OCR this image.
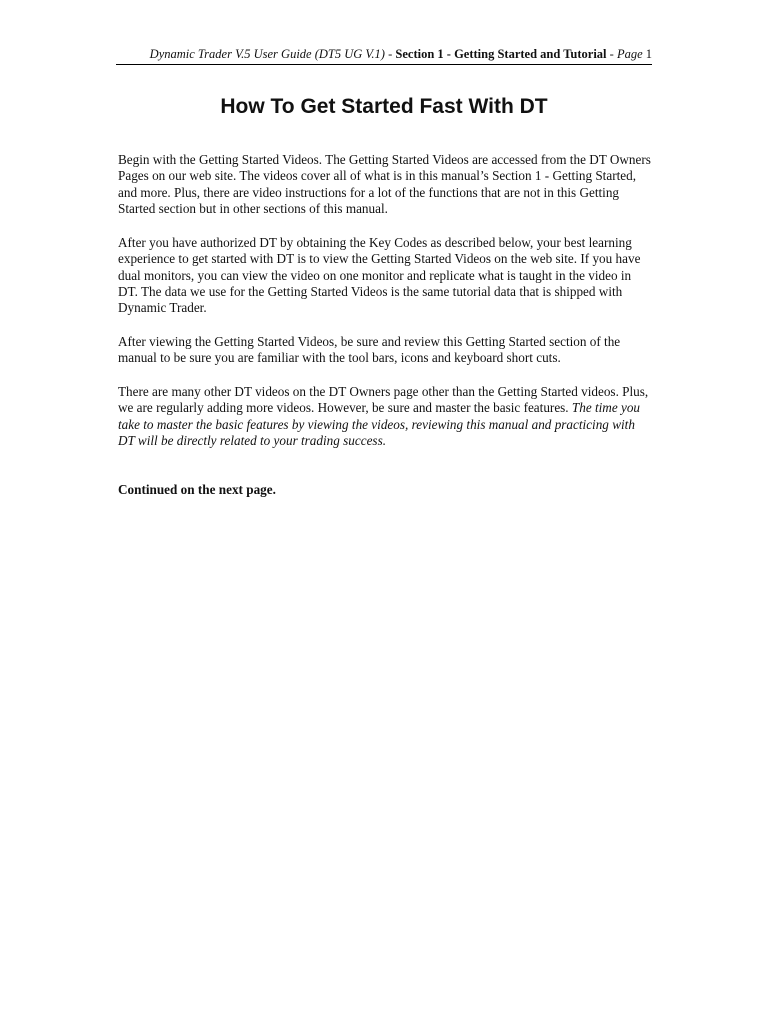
Dynamic Trader V.5 User Guide (DT5 UG V.1) - Section 1 - Getting Started and Tutorial - Page 1
How To Get Started Fast With DT

Begin with the Getting Started Videos. The Getting Started Videos are accessed from the DT Owners Pages on our web site. The videos cover all of what is in this manual’s Section 1 - Getting Started, and more. Plus, there are video instructions for a lot of the functions that are not in this Getting Started section but in other sections of this manual.

After you have authorized DT by obtaining the Key Codes as described below, your best learning experience to get started with DT is to view the Getting Started Videos on the web site. If you have dual monitors, you can view the video on one monitor and replicate what is taught in the video in DT. The data we use for the Getting Started Videos is the same tutorial data that is shipped with Dynamic Trader.

After viewing the Getting Started Videos, be sure and review this Getting Started section of the manual to be sure you are familiar with the tool bars, icons and keyboard short cuts.

There are many other DT videos on the DT Owners page other than the Getting Started videos. Plus, we are regularly adding more videos. However, be sure and master the basic features. The time you take to master the basic features by viewing the videos, reviewing this manual and practicing with DT will be directly related to your trading success.

Continued on the next page.
